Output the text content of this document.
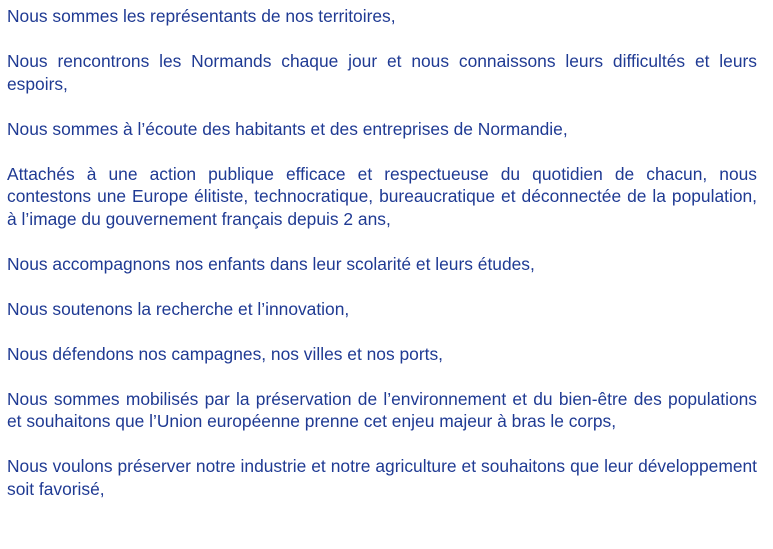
Nous sommes les représentants de nos territoires,

Nous rencontrons les Normands chaque jour et nous connaissons leurs difficultés et leurs espoirs,

Nous sommes à l’écoute des habitants et des entreprises de Normandie,

Attachés à une action publique efficace et respectueuse du quotidien de chacun, nous contestons une Europe élitiste, technocratique, bureaucratique et déconnectée de la population, à l’image du gouvernement français depuis 2 ans,

Nous accompagnons nos enfants dans leur scolarité et leurs études,

Nous soutenons la recherche et l’innovation,

Nous défendons nos campagnes, nos villes et nos ports,

Nous sommes mobilisés par la préservation de l’environnement et du bien-être des populations et souhaitons que l’Union européenne prenne cet enjeu majeur à bras le corps,

Nous voulons préserver notre industrie et notre agriculture et souhaitons que leur développement soit favorisé,
